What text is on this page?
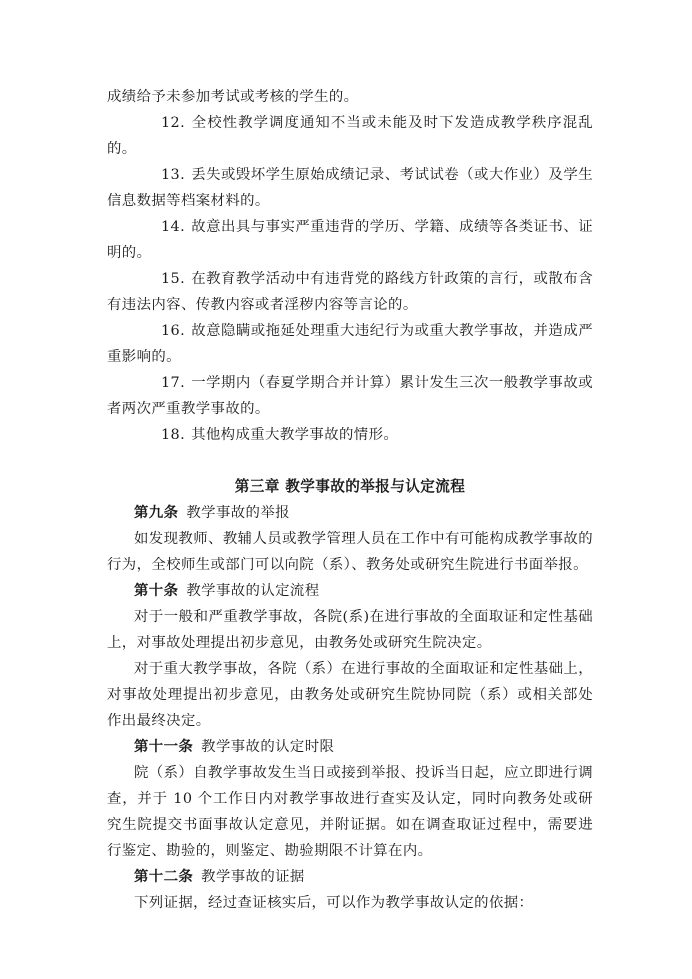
成绩给予未参加考试或考核的学生的。

12. 全校性教学调度通知不当或未能及时下发造成教学秩序混乱的。

13. 丢失或毁坏学生原始成绩记录、考试试卷（或大作业）及学生信息数据等档案材料的。

14. 故意出具与事实严重违背的学历、学籍、成绩等各类证书、证明的。

15. 在教育教学活动中有违背党的路线方针政策的言行，或散布含有违法内容、传教内容或者淫秽内容等言论的。

16. 故意隐瞒或拖延处理重大违纪行为或重大教学事故，并造成严重影响的。

17. 一学期内（春夏学期合并计算）累计发生三次一般教学事故或者两次严重教学事故的。

18. 其他构成重大教学事故的情形。

第三章 教学事故的举报与认定流程

第九条 教学事故的举报

如发现教师、教辅人员或教学管理人员在工作中有可能构成教学事故的行为，全校师生或部门可以向院（系）、教务处或研究生院进行书面举报。

第十条 教学事故的认定流程

对于一般和严重教学事故，各院(系)在进行事故的全面取证和定性基础上，对事故处理提出初步意见，由教务处或研究生院决定。

对于重大教学事故，各院（系）在进行事故的全面取证和定性基础上，对事故处理提出初步意见，由教务处或研究生院协同院（系）或相关部处作出最终决定。

第十一条 教学事故的认定时限

院（系）自教学事故发生当日或接到举报、投诉当日起，应立即进行调查，并于 10 个工作日内对教学事故进行查实及认定，同时向教务处或研究生院提交书面事故认定意见，并附证据。如在调查取证过程中，需要进行鉴定、勘验的，则鉴定、勘验期限不计算在内。

第十二条 教学事故的证据

下列证据，经过查证核实后，可以作为教学事故认定的依据：
